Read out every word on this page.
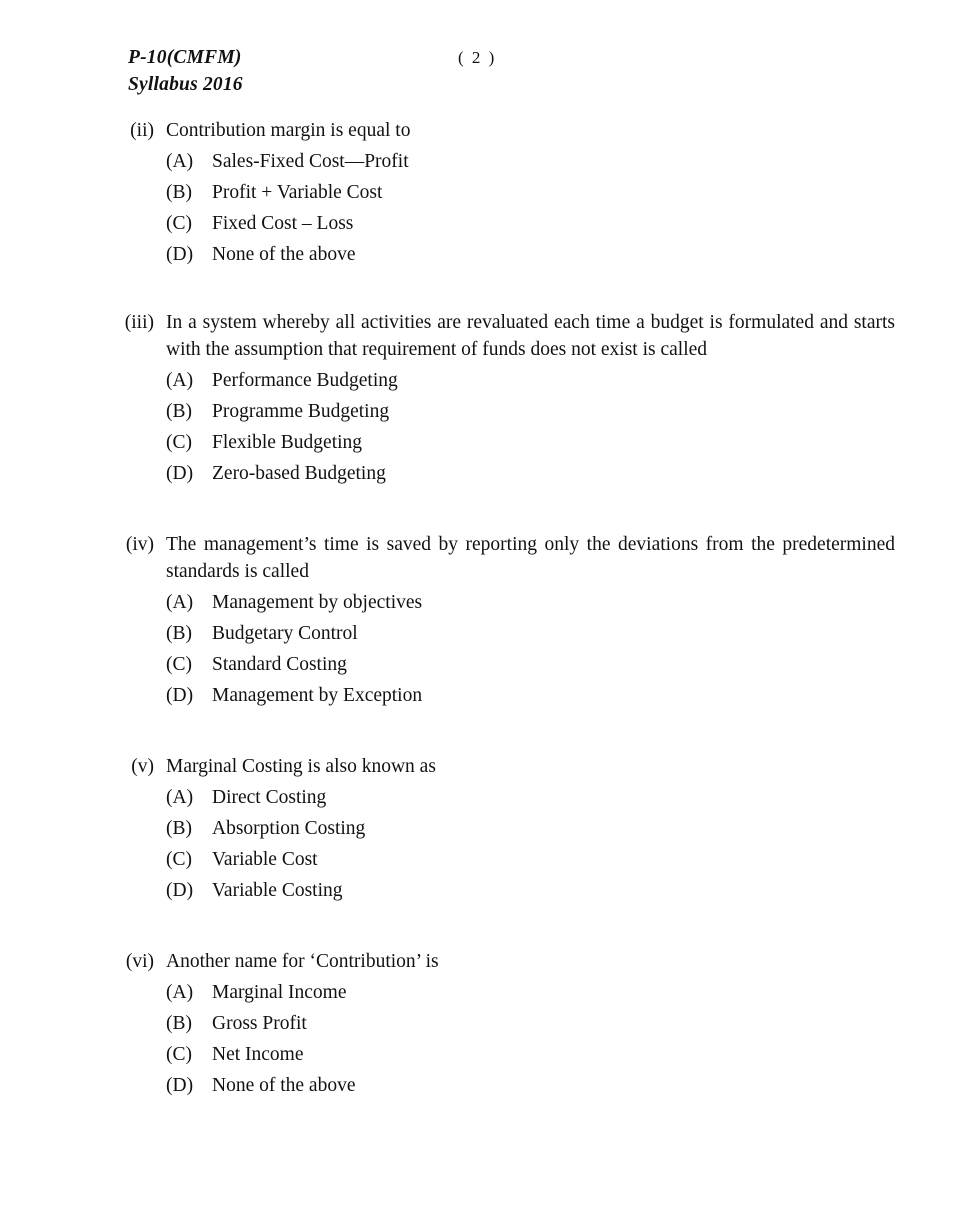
P-10(CMFM)
Syllabus 2016
( 2 )
(ii) Contribution margin is equal to
(A) Sales-Fixed Cost—Profit
(B)	Profit + Variable Cost
(C)	Fixed Cost – Loss
(D) None of the above
(iii) In a system whereby all activities are revaluated each time a budget is formulated and starts with the assumption that requirement of funds does not exist is called
(A) Performance Budgeting
(B)	Programme Budgeting
(C)	Flexible Budgeting
(D) Zero-based Budgeting
(iv) The management’s time is saved by reporting only the deviations from the predetermined standards is called
(A) Management by objectives
(B)	Budgetary Control
(C)	Standard Costing
(D) Management by Exception
(v) Marginal Costing is also known as
(A) Direct Costing
(B)	Absorption Costing
(C)	Variable Cost
(D) Variable Costing
(vi) Another name for ‘Contribution’ is
(A) Marginal Income
(B)	Gross Profit
(C)	Net Income
(D) None of the above
